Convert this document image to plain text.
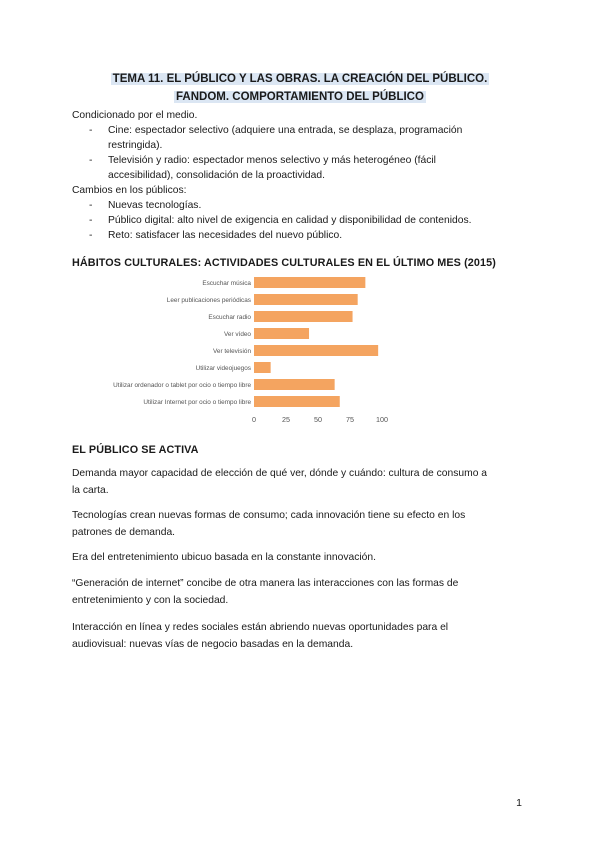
TEMA 11. EL PÚBLICO Y LAS OBRAS. LA CREACIÓN DEL PÚBLICO.
FANDOM. COMPORTAMIENTO DEL PÚBLICO
Condicionado por el medio.
- Cine: espectador selectivo (adquiere una entrada, se desplaza, programación
restringida).
- Televisión y radio: espectador menos selectivo y más heterogéneo (fácil
accesibilidad), consolidación de la proactividad.
Cambios en los públicos:
- Nuevas tecnologías.
- Público digital: alto nivel de exigencia en calidad y disponibilidad de contenidos.
- Reto: satisfacer las necesidades del nuevo público.
HÁBITOS CULTURALES: ACTIVIDADES CULTURALES EN EL ÚLTIMO MES (2015)
Escuchar música
Leer publicaciones periódicas
Escuchar radio
Ver vídeo
Ver televisión
Utilizar videojuegos
Utilizar ordenador o tablet por ocio o tiempo libre
Utilizar Internet por ocio o tiempo libre
0	25	50	75	100
EL PÚBLICO SE ACTIVA
Demanda mayor capacidad de elección de qué ver, dónde y cuándo: cultura de consumo a
la carta.
Tecnologías crean nuevas formas de consumo; cada innovación tiene su efecto en los
patrones de demanda.
Era del entretenimiento ubicuo basada en la constante innovación.
“Generación de internet” concibe de otra manera las interacciones con las formas de
entretenimiento y con la sociedad.
Interacción en línea y redes sociales están abriendo nuevas oportunidades para el
audiovisual: nuevas vías de negocio basadas en la demanda.
1
